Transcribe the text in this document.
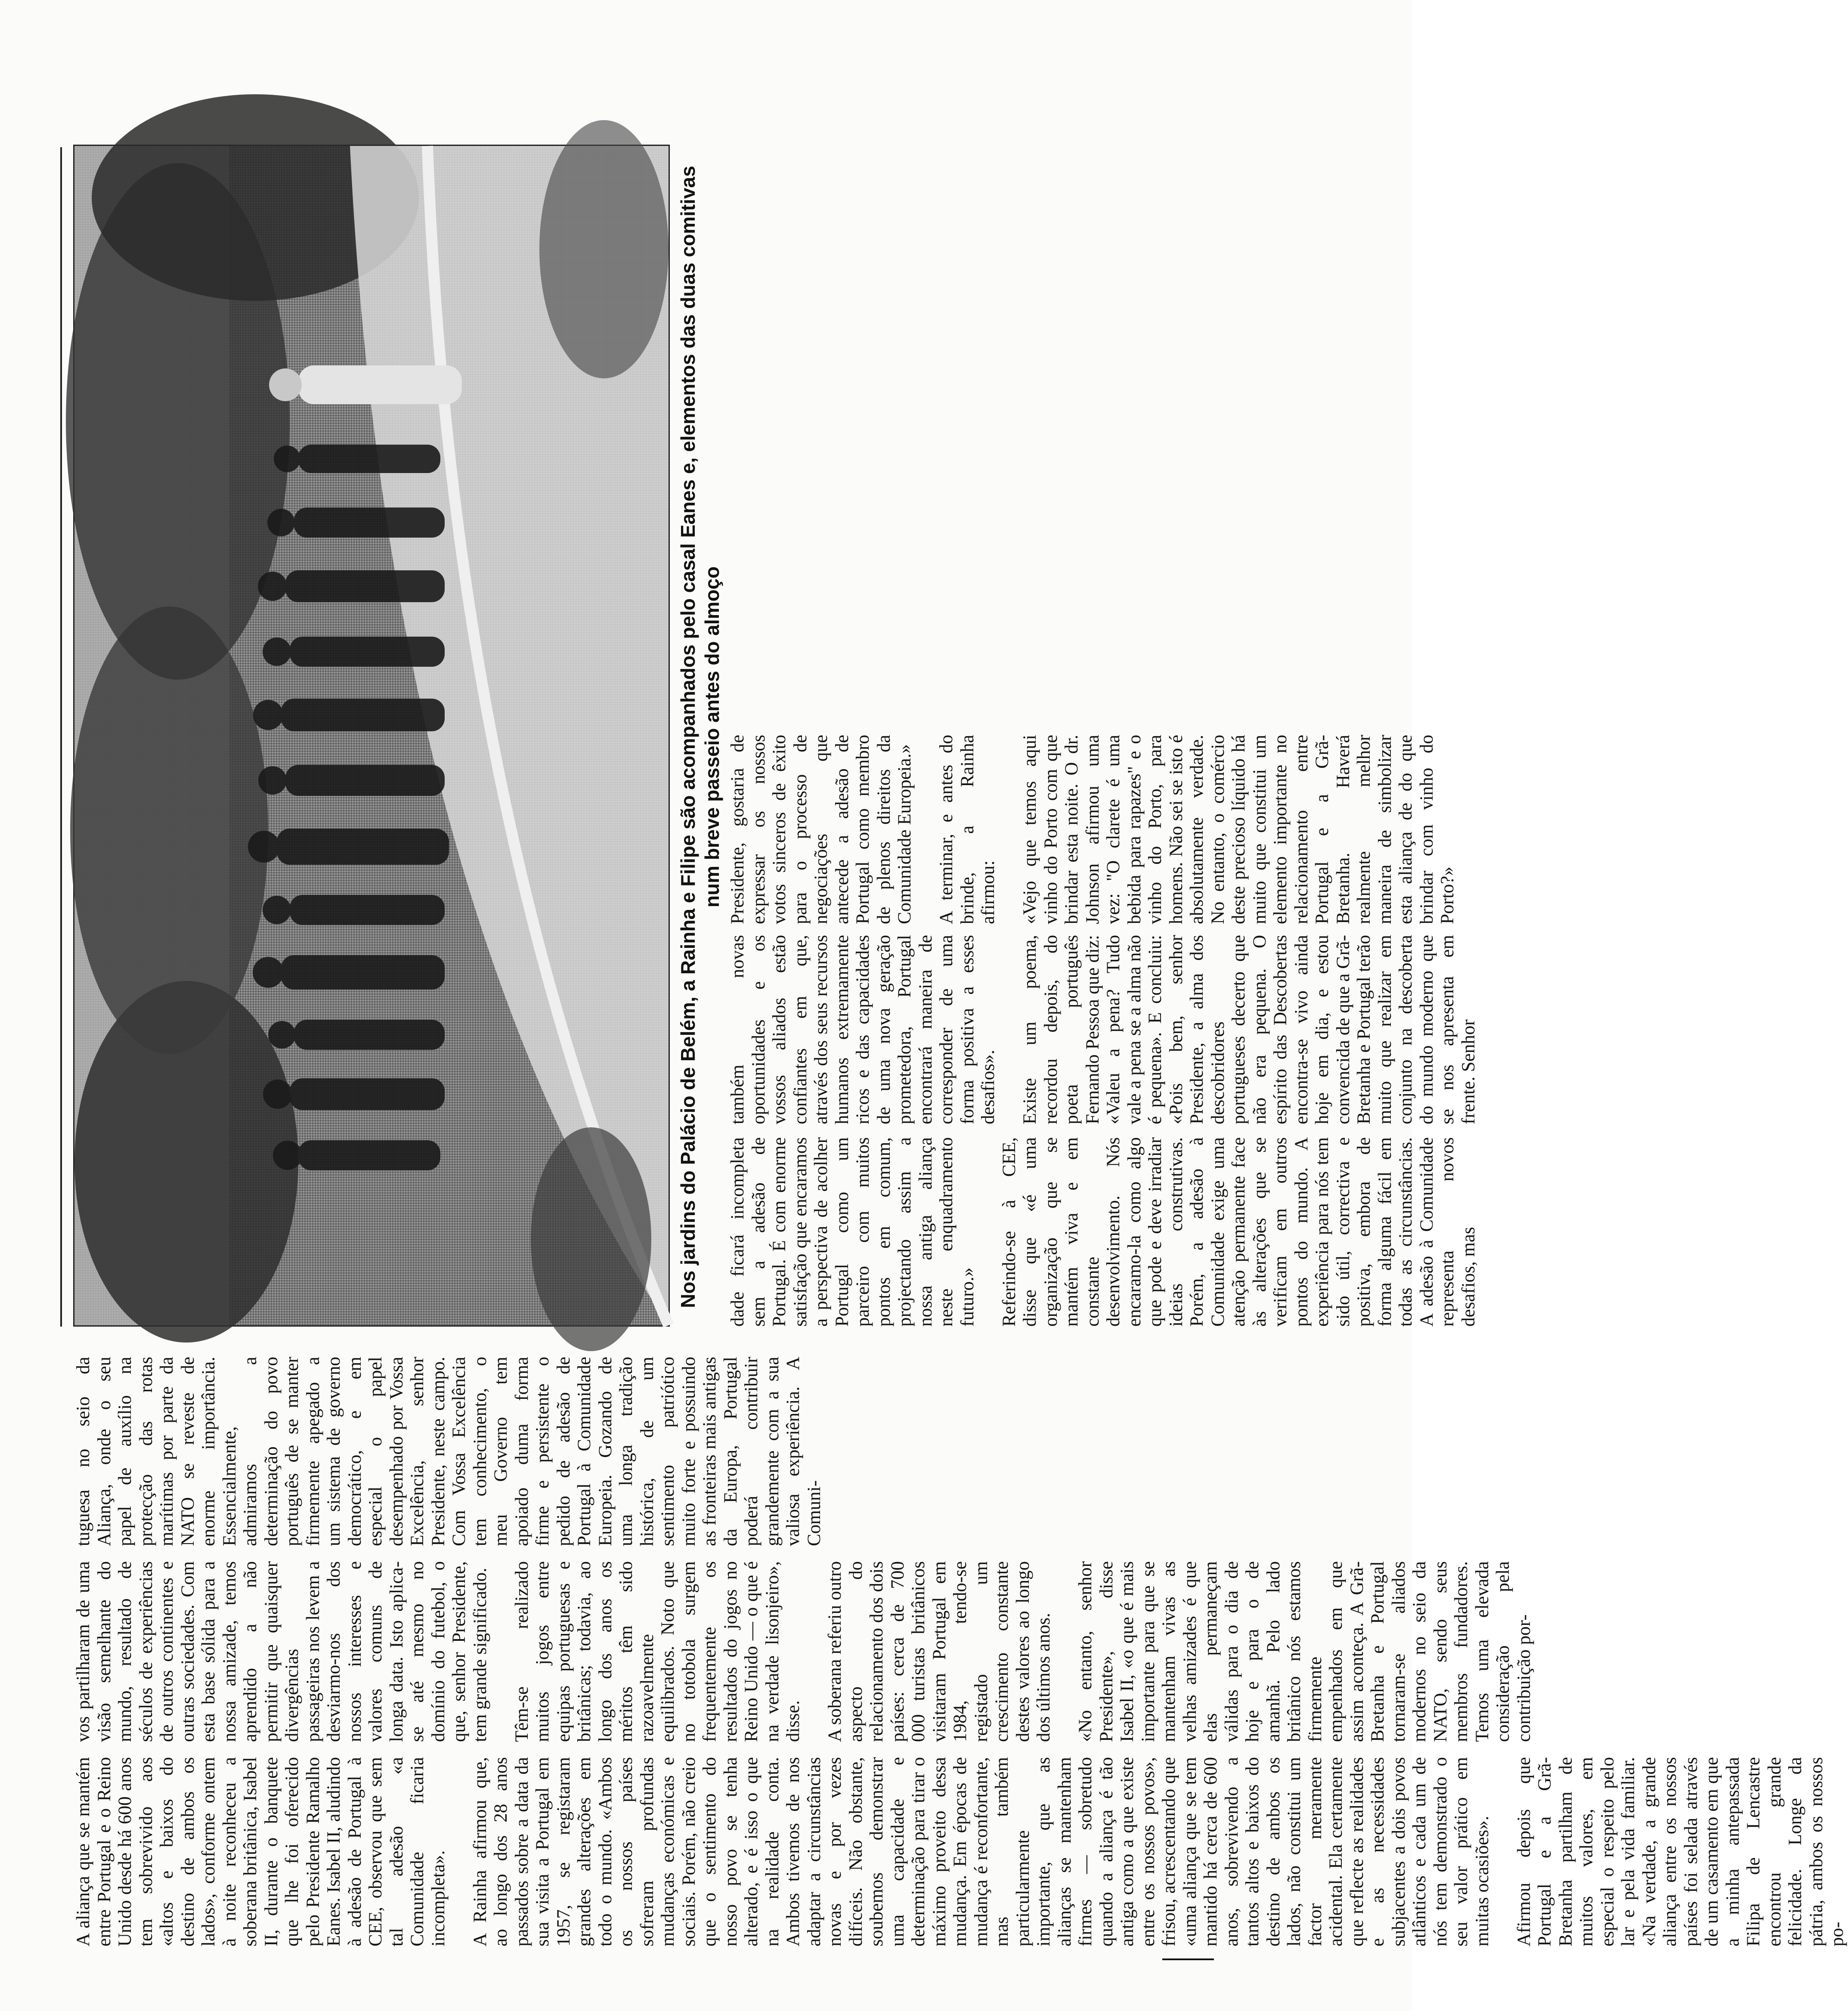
A aliança que se mantém entre Portugal e o Reino Unido desde há 600 anos tem sobrevivido aos «altos e baixos do destino de ambos os lados», conforme ontem à noite reconheceu a soberana britânica, Isabel II, durante o banquete que lhe foi oferecido pelo Presidente Ramalho Eanes. Isabel II, aludindo à adesão de Portugal à CEE, observou que sem tal adesão «a Comunidade ficaria incompleta».

A Rainha afirmou que, ao longo dos 28 anos passados sobre a data da sua visita a Portugal em 1957, se registaram grandes alterações em todo o mundo. «Ambos os nossos países sofreram profundas mudanças económicas e sociais. Porém, não creio que o sentimento do nosso povo se tenha alterado, e é isso o que na realidade conta. Ambos tivemos de nos adaptar a circunstâncias novas e por vezes difíceis. Não obstante, soubemos demonstrar uma capacidade e determinação para tirar o máximo proveito dessa mudança. Em épocas de mudança é reconfortante, mas também particularmente importante, que as alianças se mantenham firmes — sobretudo quando a aliança é tão antiga como a que existe entre os nossos povos», frisou, acrescentando que «uma aliança que se tem mantido há cerca de 600 anos, sobrevivendo a tantos altos e baixos do destino de ambos os lados, não constitui um factor meramente acidental. Ela certamente que reflecte as realidades e as necessidades subjacentes a dois povos atlânticos e cada um de nós tem demonstrado o seu valor prático em muitas ocasiões».

Afirmou depois que Portugal e a Grã-Bretanha partilham de muitos valores, em especial o respeito pelo lar e pela vida familiar. «Na verdade, a grande aliança entre os nossos países foi selada através de um casamento em que a minha antepassada Filipa de Lencastre encontrou grande felicidade. Longe da pátria, ambos os nossos po-
vos partilharam de uma visão semelhante do mundo, resultado de séculos de experiências de outros continentes e outras sociedades. Com esta base sólida para a nossa amizade, temos aprendido a não permitir que quaisquer divergências passageiras nos levem a desviarmo-nos dos nossos interesses e valores comuns de longa data. Isto aplica-se até mesmo no domínio do futebol, o que, senhor Presidente, tem grande significado.

Têm-se realizado muitos jogos entre equipas portuguesas e britânicas; todavia, ao longo dos anos os méritos têm sido razoavelmente equilibrados. Noto que no totobola surgem frequentemente os resultados do jogos no Reino Unido — o que é na verdade lisonjeiro», disse.

A soberana referiu outro aspecto do relacionamento dos dois países: cerca de 700 000 turistas britânicos visitaram Portugal em 1984, tendo-se registado um crescimento constante destes valores ao longo dos últimos anos.

«No entanto, senhor Presidente», disse Isabel II, «o que é mais importante para que se mantenham vivas as velhas amizades é que elas permaneçam válidas para o dia de hoje e para o de amanhã. Pelo lado britânico nós estamos firmemente empenhados em que assim aconteça. A Grã-Bretanha e Portugal tornaram-se aliados modernos no seio da NATO, sendo seus membros fundadores. Temos uma elevada consideração pela contribuição por-
tuguesa no seio da Aliança, onde o seu papel de auxílio na protecção das rotas marítimas por parte da NATO se reveste de enorme importância. Essencialmente, admiramos a determinação do povo português de se manter firmemente apegado a um sistema de governo democrático, e em especial o papel desempenhado por Vossa Excelência, senhor Presidente, neste campo. Com Vossa Excelência tem conhecimento, o meu Governo tem apoiado duma forma firme e persistente o pedido de adesão de Portugal à Comunidade Europeia. Gozando de uma longa tradição histórica, de um sentimento patriótico muito forte e possuindo as fronteiras mais antigas da Europa, Portugal poderá contribuir grandemente com a sua valiosa experiência. A Comuni-
Nos jardins do Palácio de Belém, a Rainha e Filipe são acompanhados pelo casal Eanes e, elementos das duas comitivas num breve passeio antes do almoço
dade ficará incompleta sem a adesão de Portugal. É com enorme satisfação que encaramos a perspectiva de acolher Portugal como um parceiro com muitos pontos em comum, projectando assim a nossa antiga aliança neste enquadramento futuro.»

Referindo-se à CEE, disse que «é uma organização que se mantém viva e em constante desenvolvimento. Nós encaramo-la como algo que pode e deve irradiar ideias construtivas. Porém, a adesão à Comunidade exige uma atenção permanente face às alterações que se verificam em outros pontos do mundo. A experiência para nós tem sido útil, correctiva e positiva, embora de forma alguma fácil em todas as circunstâncias. A adesão à Comunidade representa novos desafios, mas
também novas oportunidades e os vossos aliados estão confiantes em que, através dos seus recursos humanos extremamente ricos e das capacidades de uma nova geração prometedora, Portugal encontrará maneira de corresponder de uma forma positiva a esses desafios».

Existe um poema, recordou depois, do poeta português Fernando Pessoa que diz: «Valeu a pena? Tudo vale a pena se a alma não é pequena». E concluiu: «Pois bem, senhor Presidente, a alma dos descobridores portugueses decerto que não era pequena. O espírito das Descobertas encontra-se vivo ainda hoje em dia, e estou convencida de que a Grã-Bretanha e Portugal terão muito que realizar em conjunto na descoberta do mundo moderno que se nos apresenta em frente. Senhor
Presidente, gostaria de expressar os nossos votos sinceros de êxito para o processo de negociações que antecede a adesão de Portugal como membro de plenos direitos da Comunidade Europeia.»

A terminar, e antes do brinde, a Rainha afirmou:

«Vejo que temos aqui vinho do Porto com que brindar esta noite. O dr. Johnson afirmou uma vez: "O clarete é uma bebida para rapazes" e o vinho do Porto, para homens. Não sei se isto é absolutamente verdade. No entanto, o comércio deste precioso líquido há muito que constitui um elemento importante no relacionamento entre Portugal e a Grã-Bretanha. Haverá realmente melhor maneira de simbolizar esta aliança de do que brindar com vinho do Porto?»
